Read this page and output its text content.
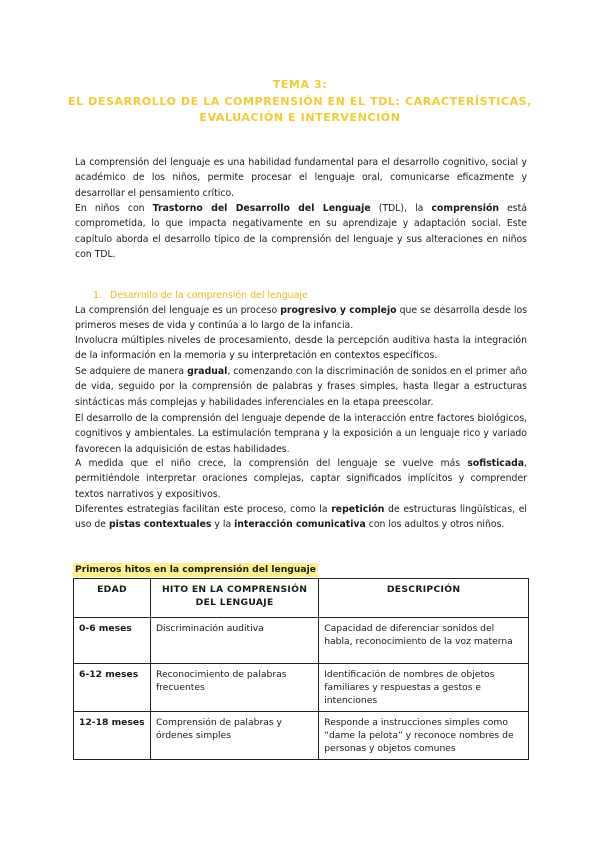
TEMA 3:
EL DESARROLLO DE LA COMPRENSIÓN EN EL TDL: CARACTERÍSTICAS,
EVALUACIÓN E INTERVENCIÓN

La comprensión del lenguaje es una habilidad fundamental para el desarrollo cognitivo, social y académico de los niños, permite procesar el lenguaje oral, comunicarse eficazmente y desarrollar el pensamiento crítico.

En niños con Trastorno del Desarrollo del Lenguaje (TDL), la comprensión está comprometida, lo que impacta negativamente en su aprendizaje y adaptación social. Este capítulo aborda el desarrollo típico de la comprensión del lenguaje y sus alteraciones en niños con TDL.

1. Desarrollo de la comprensión del lenguaje

La comprensión del lenguaje es un proceso progresivo y complejo que se desarrolla desde los primeros meses de vida y continúa a lo largo de la infancia.

Involucra múltiples niveles de procesamiento, desde la percepción auditiva hasta la integración de la información en la memoria y su interpretación en contextos específicos.

Se adquiere de manera gradual, comenzando con la discriminación de sonidos en el primer año de vida, seguido por la comprensión de palabras y frases simples, hasta llegar a estructuras sintácticas más complejas y habilidades inferenciales en la etapa preescolar.

El desarrollo de la comprensión del lenguaje depende de la interacción entre factores biológicos, cognitivos y ambientales. La estimulación temprana y la exposición a un lenguaje rico y variado favorecen la adquisición de estas habilidades.

A medida que el niño crece, la comprensión del lenguaje se vuelve más sofisticada, permitiéndole interpretar oraciones complejas, captar significados implícitos y comprender textos narrativos y expositivos.

Diferentes estrategias facilitan este proceso, como la repetición de estructuras lingüísticas, el uso de pistas contextuales y la interacción comunicativa con los adultos y otros niños.

Primeros hitos en la comprensión del lenguaje
EDAD	HITO EN LA COMPRENSIÓN DEL LENGUAJE	DESCRIPCIÓN
0-6 meses	Discriminación auditiva	Capacidad de diferenciar sonidos del habla, reconocimiento de la voz materna
6-12 meses	Reconocimiento de palabras frecuentes	Identificación de nombres de objetos familiares y respuestas a gestos e intenciones
12-18 meses	Comprensión de palabras y órdenes simples	Responde a instrucciones simples como “dame la pelota” y reconoce nombres de personas y objetos comunes
